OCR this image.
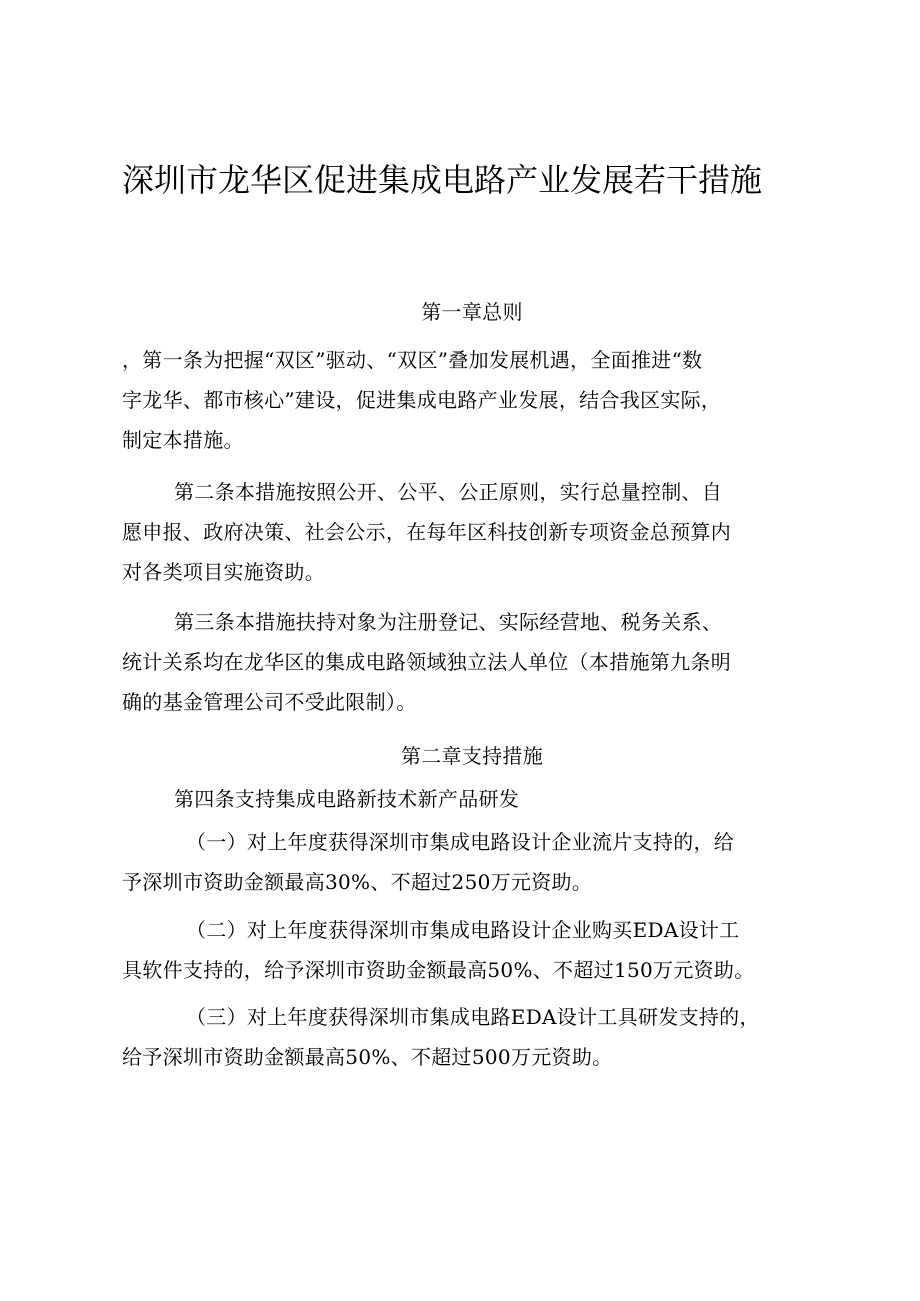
深圳市龙华区促进集成电路产业发展若干措施
第一章总则
，第一条为把握“双区”驱动、“双区”叠加发展机遇，全面推进“数
字龙华、都市核心”建设，促进集成电路产业发展，结合我区实际，
制定本措施。
第二条本措施按照公开、公平、公正原则，实行总量控制、自
愿申报、政府决策、社会公示，在每年区科技创新专项资金总预算内
对各类项目实施资助。
第三条本措施扶持对象为注册登记、实际经营地、税务关系、
统计关系均在龙华区的集成电路领域独立法人单位（本措施第九条明
确的基金管理公司不受此限制）。
第二章支持措施
第四条支持集成电路新技术新产品研发
（一）对上年度获得深圳市集成电路设计企业流片支持的，给
予深圳市资助金额最高30%、不超过250万元资助。
（二）对上年度获得深圳市集成电路设计企业购买EDA设计工
具软件支持的，给予深圳市资助金额最高50%、不超过150万元资助。
（三）对上年度获得深圳市集成电路EDA设计工具研发支持的，
给予深圳市资助金额最高50%、不超过500万元资助。
